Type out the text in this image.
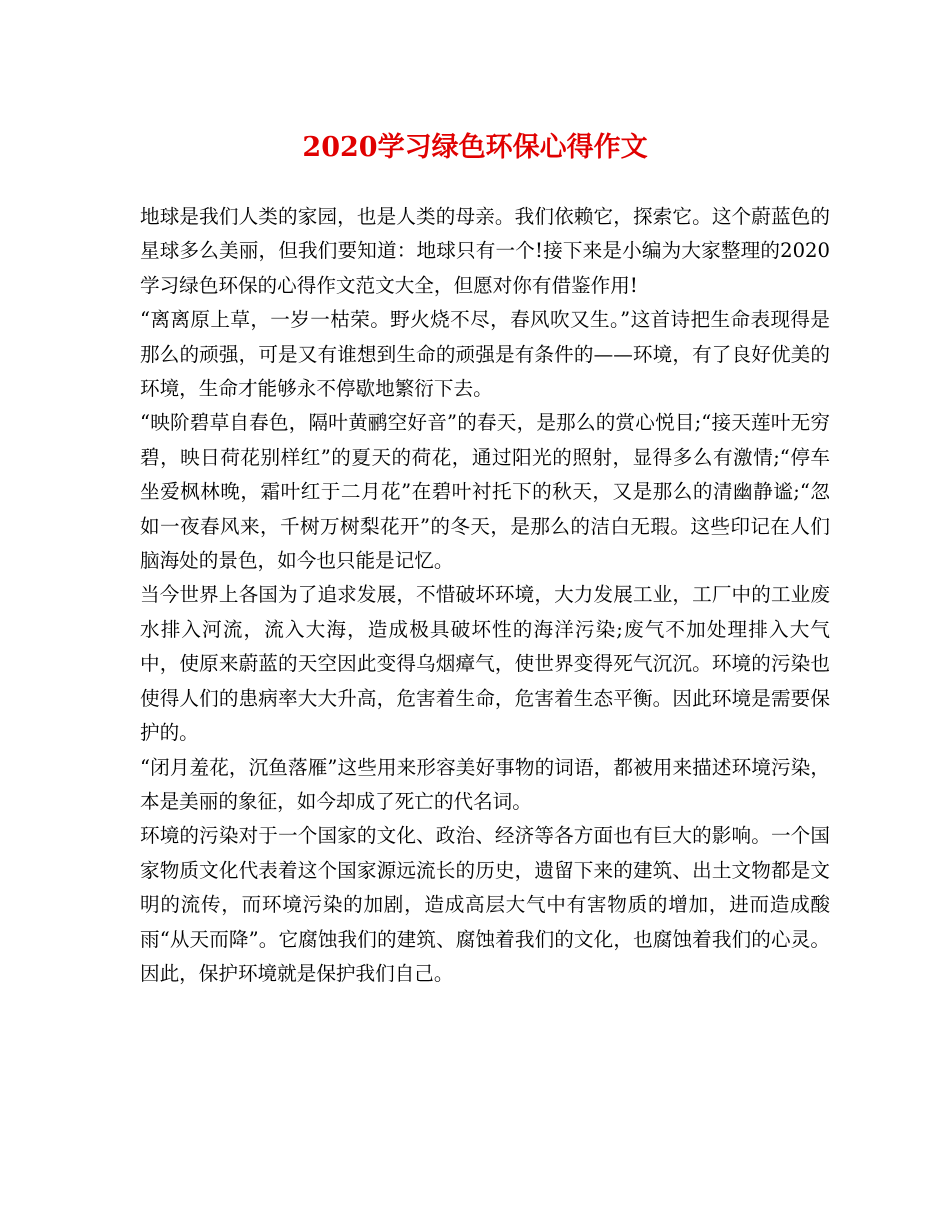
2020学习绿色环保心得作文

地球是我们人类的家园，也是人类的母亲。我们依赖它，探索它。这个蔚蓝色的星球多么美丽，但我们要知道：地球只有一个!接下来是小编为大家整理的2020学习绿色环保的心得作文范文大全，但愿对你有借鉴作用!

“离离原上草，一岁一枯荣。野火烧不尽，春风吹又生。”这首诗把生命表现得是那么的顽强，可是又有谁想到生命的顽强是有条件的——环境，有了良好优美的环境，生命才能够永不停歇地繁衍下去。

“映阶碧草自春色，隔叶黄鹂空好音”的春天，是那么的赏心悦目;“接天莲叶无穷碧，映日荷花别样红”的夏天的荷花，通过阳光的照射，显得多么有激情;“停车坐爱枫林晚，霜叶红于二月花”在碧叶衬托下的秋天，又是那么的清幽静谧;“忽如一夜春风来，千树万树梨花开”的冬天，是那么的洁白无瑕。这些印记在人们脑海处的景色，如今也只能是记忆。

当今世界上各国为了追求发展，不惜破坏环境，大力发展工业，工厂中的工业废水排入河流，流入大海，造成极具破坏性的海洋污染;废气不加处理排入大气中，使原来蔚蓝的天空因此变得乌烟瘴气，使世界变得死气沉沉。环境的污染也使得人们的患病率大大升高，危害着生命，危害着生态平衡。因此环境是需要保护的。

“闭月羞花，沉鱼落雁”这些用来形容美好事物的词语，都被用来描述环境污染，本是美丽的象征，如今却成了死亡的代名词。

环境的污染对于一个国家的文化、政治、经济等各方面也有巨大的影响。一个国家物质文化代表着这个国家源远流长的历史，遗留下来的建筑、出土文物都是文明的流传，而环境污染的加剧，造成高层大气中有害物质的增加，进而造成酸雨“从天而降”。它腐蚀我们的建筑、腐蚀着我们的文化，也腐蚀着我们的心灵。因此，保护环境就是保护我们自己。
